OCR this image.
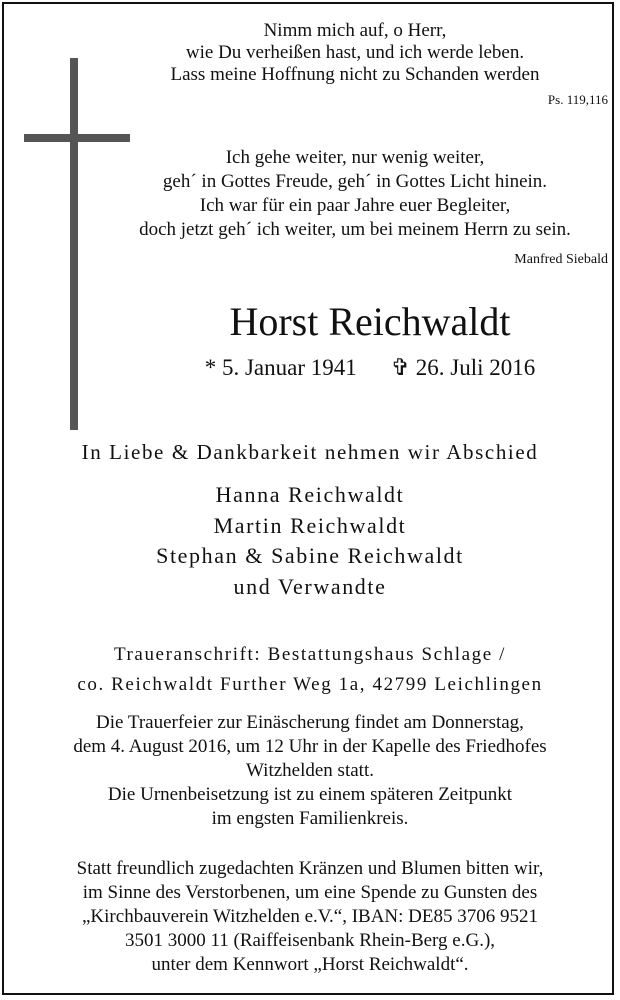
Nimm mich auf, o Herr,
wie Du verheißen hast, und ich werde leben.
Lass meine Hoffnung nicht zu Schanden werden
Ps. 119,116
Ich gehe weiter, nur wenig weiter,
geh´ in Gottes Freude, geh´ in Gottes Licht hinein.
Ich war für ein paar Jahre euer Begleiter,
doch jetzt geh´ ich weiter, um bei meinem Herrn zu sein.
Manfred Siebald
Horst Reichwaldt
* 5. Januar 1941 ✞ 26. Juli 2016
In Liebe & Dankbarkeit nehmen wir Abschied
Hanna Reichwaldt
Martin Reichwaldt
Stephan & Sabine Reichwaldt
und Verwandte
Traueranschrift: Bestattungshaus Schlage /
co. Reichwaldt Further Weg 1a, 42799 Leichlingen
Die Trauerfeier zur Einäscherung findet am Donnerstag,
dem 4. August 2016, um 12 Uhr in der Kapelle des Friedhofes
Witzhelden statt.
Die Urnenbeisetzung ist zu einem späteren Zeitpunkt
im engsten Familienkreis.
Statt freundlich zugedachten Kränzen und Blumen bitten wir,
im Sinne des Verstorbenen, um eine Spende zu Gunsten des
„Kirchbauverein Witzhelden e.V.“, IBAN: DE85 3706 9521
3501 3000 11 (Raiffeisenbank Rhein-Berg e.G.),
unter dem Kennwort „Horst Reichwaldt“.
